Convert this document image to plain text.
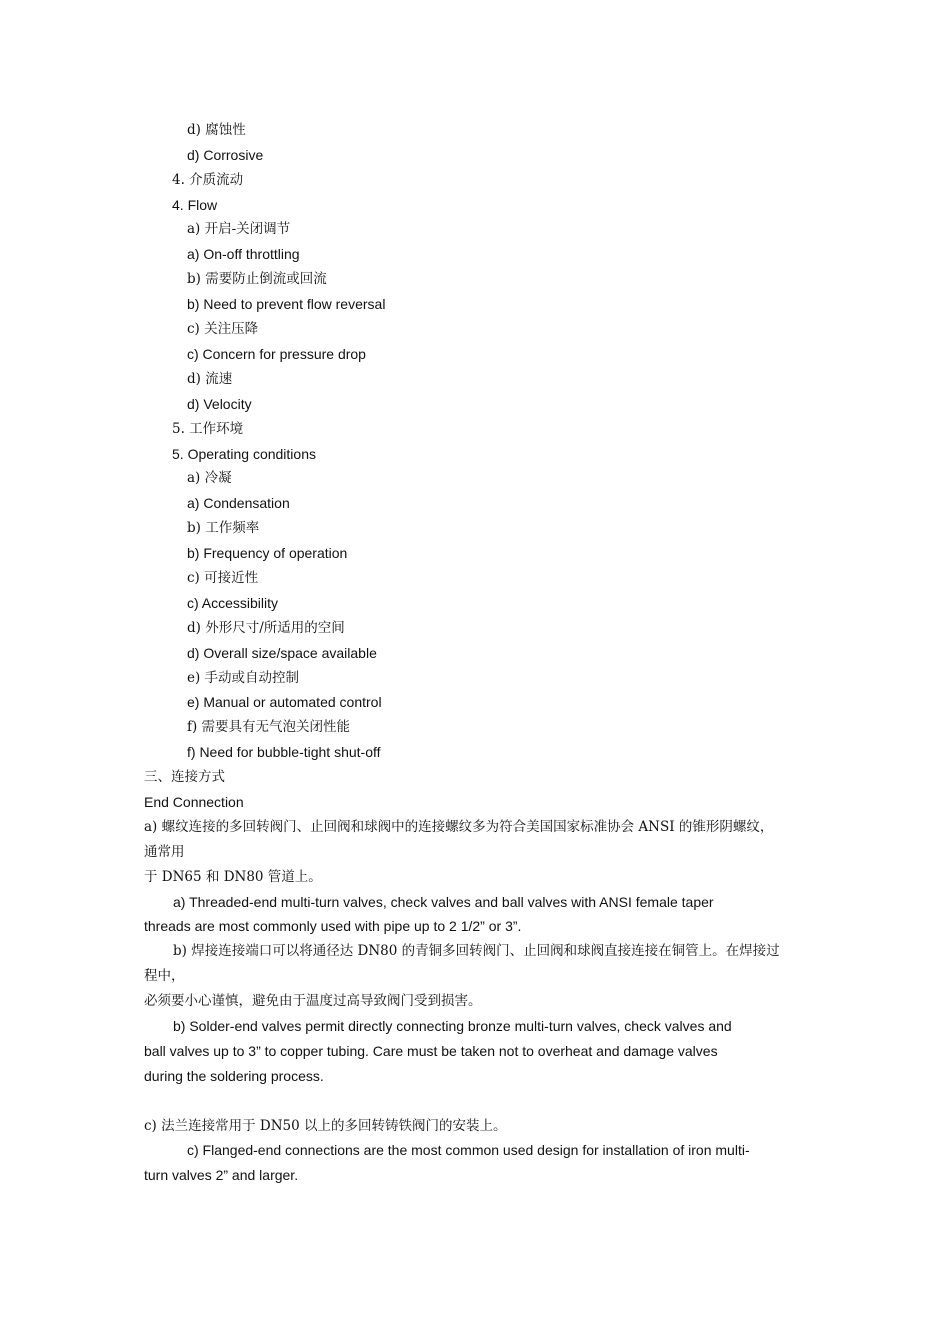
d) 腐蚀性
d) Corrosive
4. 介质流动
4. Flow
a) 开启-关闭调节
a) On-off throttling
b) 需要防止倒流或回流
b) Need to prevent flow reversal
c) 关注压降
c) Concern for pressure drop
d) 流速
d) Velocity
5. 工作环境
5. Operating conditions
a) 冷凝
a) Condensation
b) 工作频率
b) Frequency of operation
c) 可接近性
c) Accessibility
d) 外形尺寸/所适用的空间
d) Overall size/space available
e) 手动或自动控制
e) Manual or automated control
f) 需要具有无气泡关闭性能
f) Need for bubble-tight shut-off
三、连接方式
End Connection
a) 螺纹连接的多回转阀门、止回阀和球阀中的连接螺纹多为符合美国国家标准协会 ANSI 的锥形阴螺纹，
通常用
于 DN65 和 DN80 管道上。
a) Threaded-end multi-turn valves, check valves and ball valves with ANSI female taper
threads are most commonly used with pipe up to 2 1/2” or 3”.
b) 焊接连接端口可以将通径达 DN80 的青铜多回转阀门、止回阀和球阀直接连接在铜管上。在焊接过
程中，
必须要小心谨慎，避免由于温度过高导致阀门受到损害。
b) Solder-end valves permit directly connecting bronze multi-turn valves, check valves and
ball valves up to 3” to copper tubing. Care must be taken not to overheat and damage valves
during the soldering process.
c) 法兰连接常用于 DN50 以上的多回转铸铁阀门的安装上。
c) Flanged-end connections are the most common used design for installation of iron multi-
turn valves 2” and larger.
